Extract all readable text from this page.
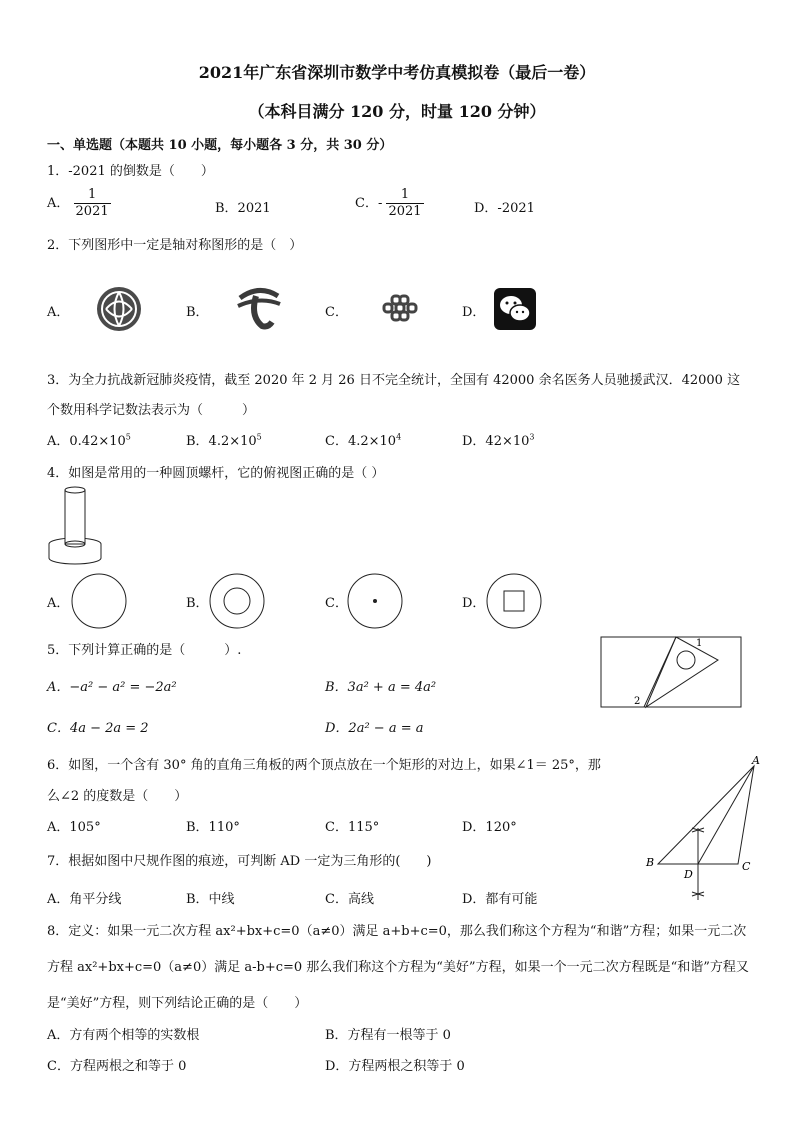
2021年广东省深圳市数学中考仿真模拟卷（最后一卷）
（本科目满分 120 分，时量 120 分钟）
一、单选题（本题共 10 小题，每小题各 3 分，共 30 分）
1．-2021 的倒数是（　　）
A． $\frac{1}{2021}$	B．2021	C．- $\frac{1}{2021}$	D．-2021
2．下列图形中一定是轴对称图形的是（　）
A．	B．	C．	D．
3．为全力抗战新冠肺炎疫情，截至 2020 年 2 月 26 日不完全统计，全国有 42000 余名医务人员驰援武汉．42000 这
个数用科学记数法表示为（　　　）
A．$0.42\times 10^5$	B．$4.2\times 10^5$	C．$4.2\times 10^4$	D．$42\times 10^3$
4．如图是常用的一种圆顶螺杆，它的俯视图正确的是（ ）
A．	B．	C．	D．
5．下列计算正确的是（　　　）.
A．−a² − a² = −2a²	B．3a² + a = 4a²
C．4a − 2a = 2	D．2a² − a = a
1
2
6．如图，一个含有 30° 角的直角三角板的两个顶点放在一个矩形的对边上，如果∠1＝ 25°，那
么∠2 的度数是（　　）
A．105°	B．110°	C．115°	D．120°
A
B	C
D
7．根据如图中尺规作图的痕迹，可判断 AD 一定为三角形的(　　)
A．角平分线	B．中线	C．高线	D．都有可能
8．定义：如果一元二次方程 ax²+bx+c=0（a≠0）满足 a+b+c=0，那么我们称这个方程为“和谐”方程；如果一元二次
方程 ax²+bx+c=0（a≠0）满足 a-b+c=0 那么我们称这个方程为“美好”方程，如果一个一元二次方程既是“和谐”方程又
是“美好”方程，则下列结论正确的是（　　）
A．方有两个相等的实数根	B．方程有一根等于 0
C．方程两根之和等于 0	D．方程两根之积等于 0
